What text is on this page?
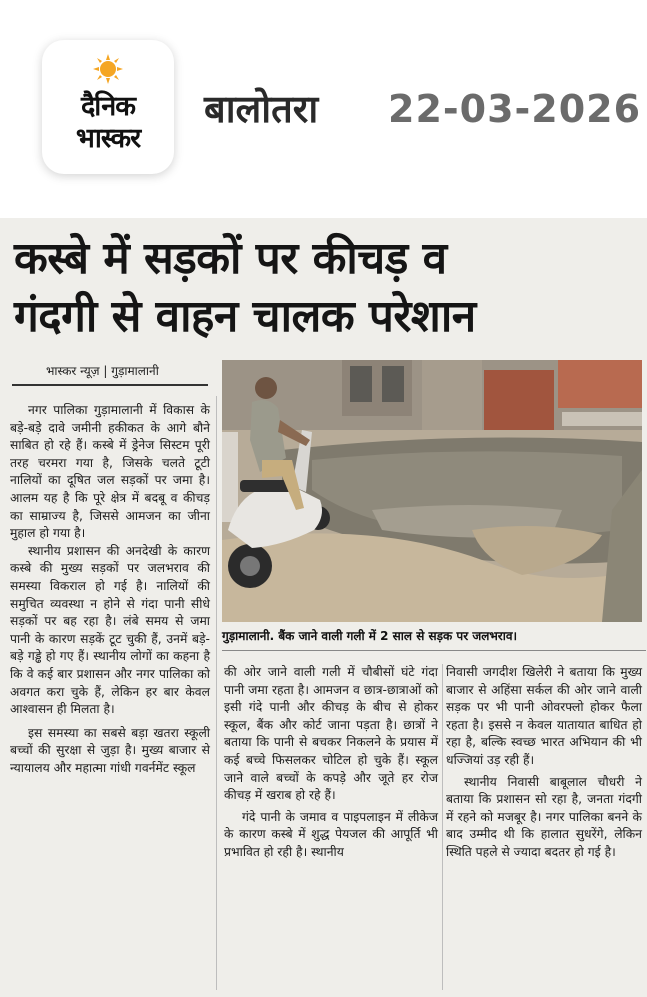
दैनिक
भास्कर
बालोतरा 22-03-2026
कस्बे में सड़कों पर कीचड़ व
गंदगी से वाहन चालक परेशान
भास्कर न्यूज़ | गुड़ामालानी

नगर पालिका गुड़ामालानी में विकास के बड़े-बड़े दावे जमीनी हकीकत के आगे बौने साबित हो रहे हैं। कस्बे में ड्रेनेज सिस्टम पूरी तरह चरमरा गया है, जिसके चलते टूटी नालियों का दूषित जल सड़कों पर जमा है। आलम यह है कि पूरे क्षेत्र में बदबू व कीचड़ का साम्राज्य है, जिससे आमजन का जीना मुहाल हो गया है।

स्थानीय प्रशासन की अनदेखी के कारण कस्बे की मुख्य सड़कों पर जलभराव की समस्या विकराल हो गई है। नालियों की समुचित व्यवस्था न होने से गंदा पानी सीधे सड़कों पर बह रहा है। लंबे समय से जमा पानी के कारण सड़कें टूट चुकी हैं, उनमें बड़े-बड़े गड्ढे हो गए हैं। स्थानीय लोगों का कहना है कि वे कई बार प्रशासन और नगर पालिका को अवगत करा चुके हैं, लेकिन हर बार केवल आश्वासन ही मिलता है।

इस समस्या का सबसे बड़ा खतरा स्कूली बच्चों की सुरक्षा से जुड़ा है। मुख्य बाजार से न्यायालय और महात्मा गांधी गवर्नमेंट स्कूल

गुड़ामालानी. बैंक जाने वाली गली में 2 साल से सड़क पर जलभराव।

की ओर जाने वाली गली में चौबीसों घंटे गंदा पानी जमा रहता है। आमजन व छात्र-छात्राओं को इसी गंदे पानी और कीचड़ के बीच से होकर स्कूल, बैंक और कोर्ट जाना पड़ता है। छात्रों ने बताया कि पानी से बचकर निकलने के प्रयास में कई बच्चे फिसलकर चोटिल हो चुके हैं। स्कूल जाने वाले बच्चों के कपड़े और जूते हर रोज कीचड़ में खराब हो रहे हैं।

गंदे पानी के जमाव व पाइपलाइन में लीकेज के कारण कस्बे में शुद्ध पेयजल की आपूर्ति भी प्रभावित हो रही है। स्थानीय

निवासी जगदीश खिलेरी ने बताया कि मुख्य बाजार से अहिंसा सर्कल की ओर जाने वाली सड़क पर भी पानी ओवरफ्लो होकर फैला रहता है। इससे न केवल यातायात बाधित हो रहा है, बल्कि स्वच्छ भारत अभियान की भी धज्जियां उड़ रही हैं।

स्थानीय निवासी बाबूलाल चौधरी ने बताया कि प्रशासन सो रहा है, जनता गंदगी में रहने को मजबूर है। नगर पालिका बनने के बाद उम्मीद थी कि हालात सुधरेंगे, लेकिन स्थिति पहले से ज्यादा बदतर हो गई है।
